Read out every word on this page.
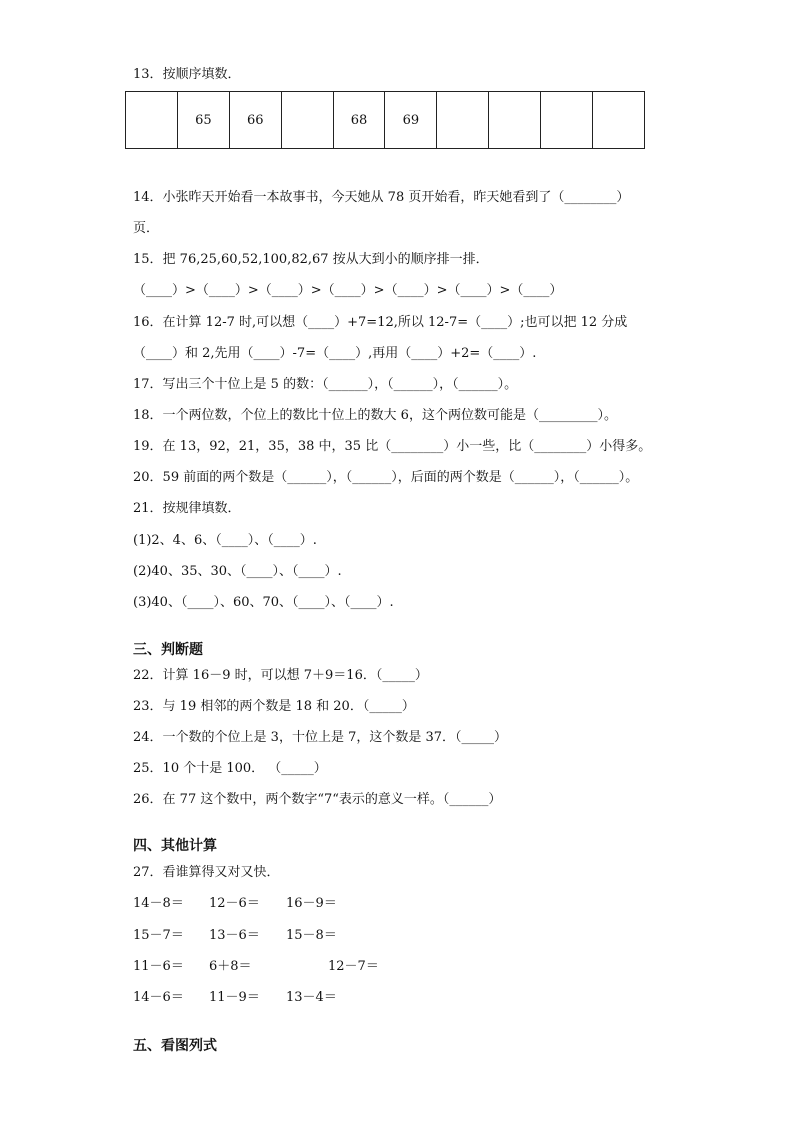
13．按顺序填数．
	65	66		68	69				
14．小张昨天开始看一本故事书，今天她从 78 页开始看，昨天她看到了（________）
页．
15．把 76,25,60,52,100,82,67 按从大到小的顺序排一排．
（____）>（____）>（____）>（____）>（____）>（____）>（____）
16．在计算 12-7 时,可以想（____）+7=12,所以 12-7=（____）;也可以把 12 分成
（____）和 2,先用（____）-7=（____）,再用（____）+2=（____）.
17．写出三个十位上是 5 的数：（______），（______），（______）。
18．一个两位数，个位上的数比十位上的数大 6，这个两位数可能是（_________）。
19．在 13，92，21，35，38 中，35 比（________）小一些，比（________）小得多。
20．59 前面的两个数是（______），（______），后面的两个数是（______），（______）。
21．按规律填数．
(1)2、4、6、（____）、（____）.
(2)40、35、30、（____）、（____）.
(3)40、（____）、60、70、（____）、（____）.
三、判断题
22．计算 16－9 时，可以想 7＋9＝16．（_____）
23．与 19 相邻的两个数是 18 和 20．（_____）
24．一个数的个位上是 3，十位上是 7，这个数是 37．（_____）
25．10 个十是 100． （_____）
26．在 77 这个数中，两个数字“7“表示的意义一样。（______）
四、其他计算
27．看谁算得又对又快．
14－8＝ 12－6＝ 16－9＝
15－7＝ 13－6＝ 15－8＝
11－6＝ 6＋8＝	12－7＝
14－6＝ 11－9＝ 13－4＝
五、看图列式
